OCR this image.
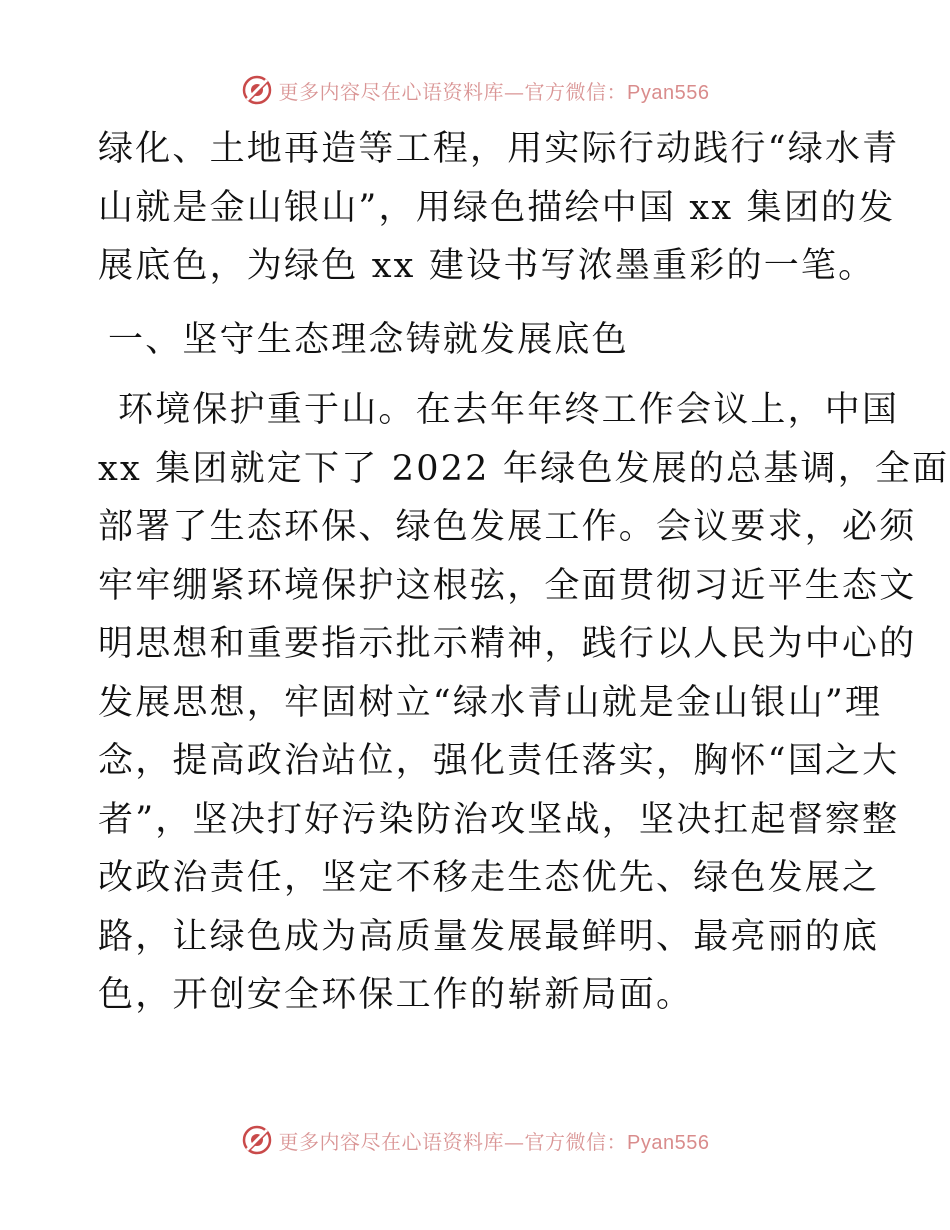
更多内容尽在心语资料库—官方微信：Pyan556
绿化、土地再造等工程，用实际行动践行“绿水青
山就是金山银山”，用绿色描绘中国 xx 集团的发
展底色，为绿色 xx 建设书写浓墨重彩的一笔。
一、坚守生态理念铸就发展底色
环境保护重于山。在去年年终工作会议上，中国
xx 集团就定下了 2022 年绿色发展的总基调，全面
部署了生态环保、绿色发展工作。会议要求，必须
牢牢绷紧环境保护这根弦，全面贯彻习近平生态文
明思想和重要指示批示精神，践行以人民为中心的
发展思想，牢固树立“绿水青山就是金山银山”理
念，提高政治站位，强化责任落实，胸怀“国之大
者”，坚决打好污染防治攻坚战，坚决扛起督察整
改政治责任，坚定不移走生态优先、绿色发展之
路，让绿色成为高质量发展最鲜明、最亮丽的底
色，开创安全环保工作的崭新局面。
更多内容尽在心语资料库—官方微信：Pyan556
